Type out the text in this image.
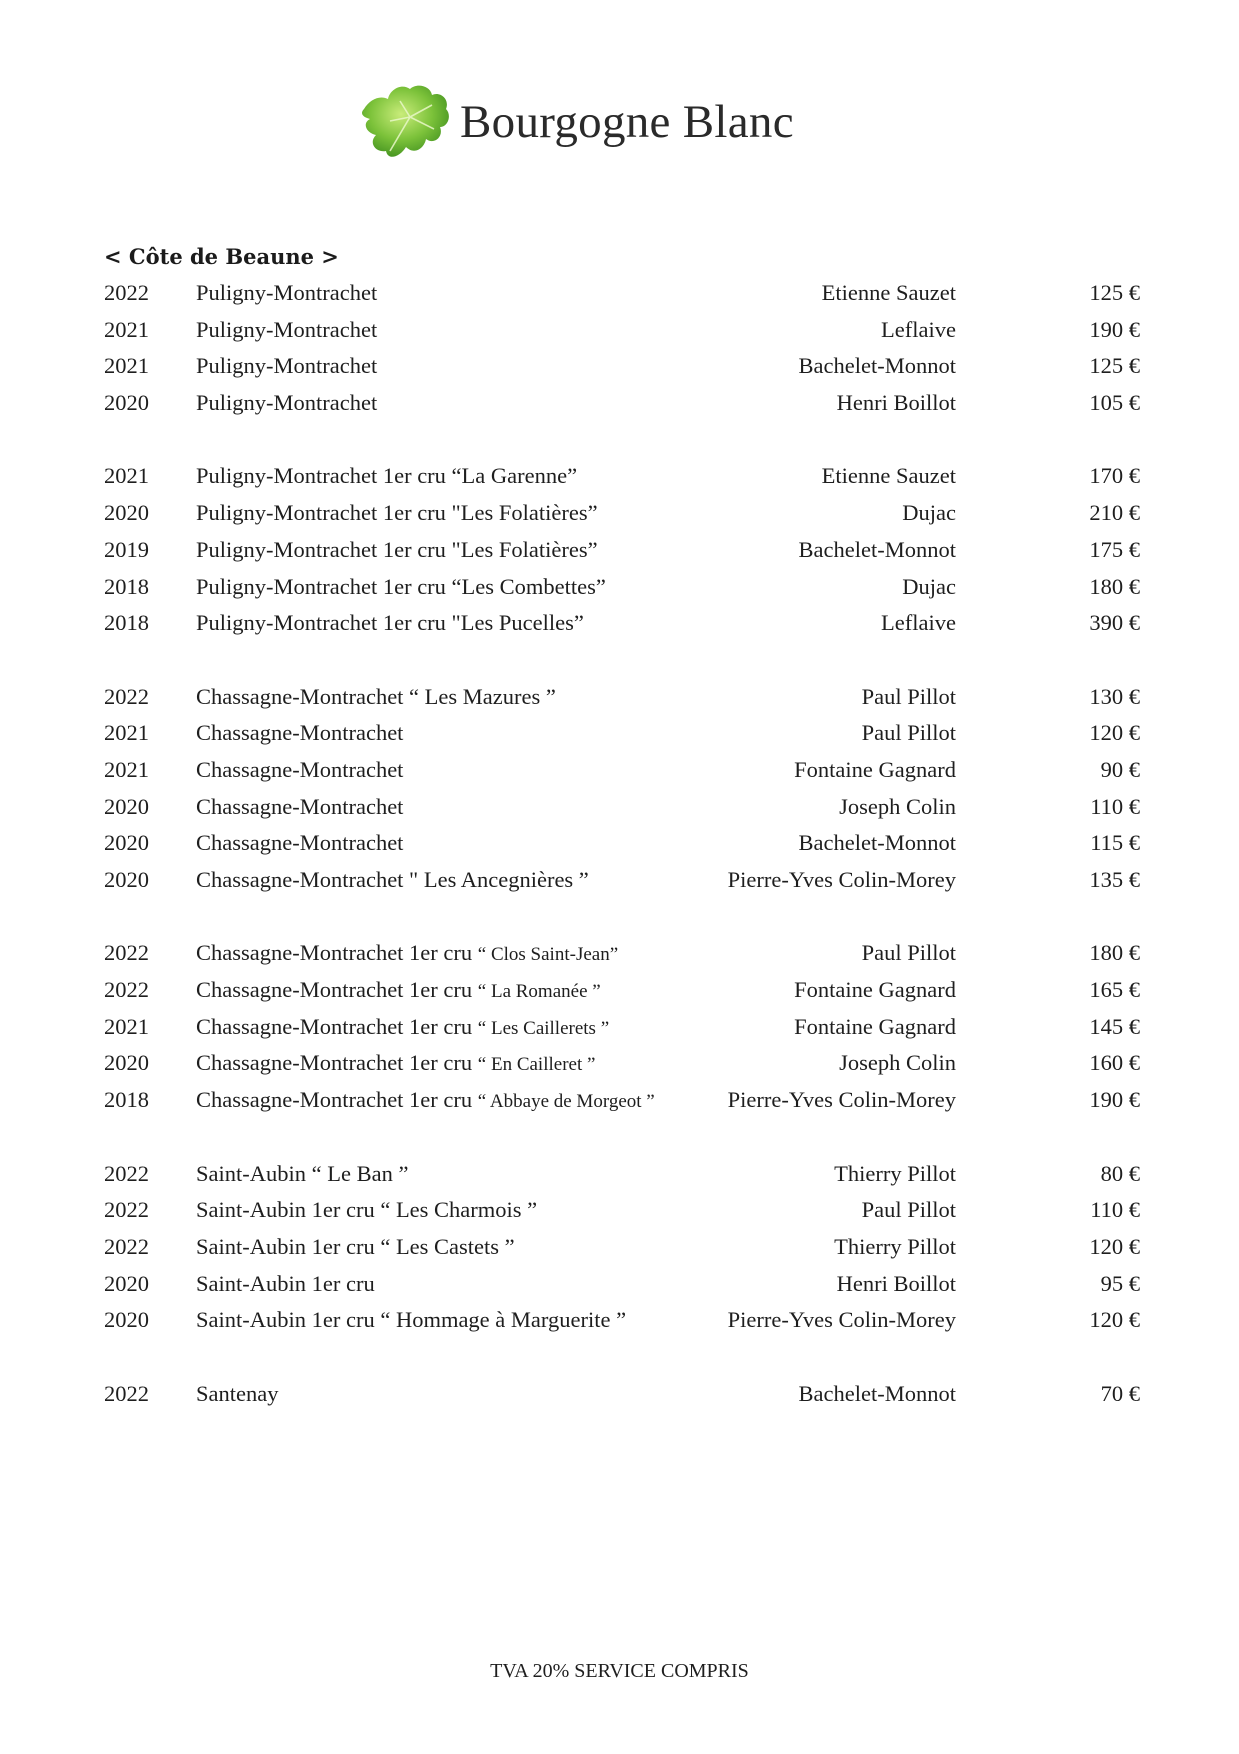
Bourgogne Blanc
< Côte de Beaune >
2022 Puligny-Montrachet	Etienne Sauzet	125 €
2021 Puligny-Montrachet	Leflaive	190 €
2021 Puligny-Montrachet	Bachelet-Monnot	125 €
2020 Puligny-Montrachet	Henri Boillot	105 €
2021 Puligny-Montrachet 1er cru “La Garenne”	Etienne Sauzet	170 €
2020 Puligny-Montrachet 1er cru "Les Folatières”	Dujac	210 €
2019 Puligny-Montrachet 1er cru "Les Folatières”	Bachelet-Monnot	175 €
2018 Puligny-Montrachet 1er cru “Les Combettes”	Dujac	180 €
2018 Puligny-Montrachet 1er cru "Les Pucelles”	Leflaive	390 €
2022 Chassagne-Montrachet “ Les Mazures ”	Paul Pillot	130 €
2021 Chassagne-Montrachet	Paul Pillot	120 €
2021 Chassagne-Montrachet	Fontaine Gagnard	90 €
2020 Chassagne-Montrachet	Joseph Colin	110 €
2020 Chassagne-Montrachet	Bachelet-Monnot	115 €
2020 Chassagne-Montrachet " Les Ancegnières ”	Pierre-Yves Colin-Morey	135 €
2022 Chassagne-Montrachet 1er cru “ Clos Saint-Jean”	Paul Pillot	180 €
2022 Chassagne-Montrachet 1er cru “ La Romanée ”	Fontaine Gagnard	165 €
2021 Chassagne-Montrachet 1er cru “ Les Caillerets ”	Fontaine Gagnard	145 €
2020 Chassagne-Montrachet 1er cru “ En Cailleret ”	Joseph Colin	160 €
2018 Chassagne-Montrachet 1er cru “ Abbaye de Morgeot ”	Pierre-Yves Colin-Morey	190 €
2022 Saint-Aubin “ Le Ban ”	Thierry Pillot	80 €
2022 Saint-Aubin 1er cru “ Les Charmois ”	Paul Pillot	110 €
2022 Saint-Aubin 1er cru “ Les Castets ”	Thierry Pillot	120 €
2020 Saint-Aubin 1er cru	Henri Boillot	95 €
2020 Saint-Aubin 1er cru “ Hommage à Marguerite ”	Pierre-Yves Colin-Morey	120 €
2022 Santenay	Bachelet-Monnot	70 €
TVA 20% SERVICE COMPRIS
